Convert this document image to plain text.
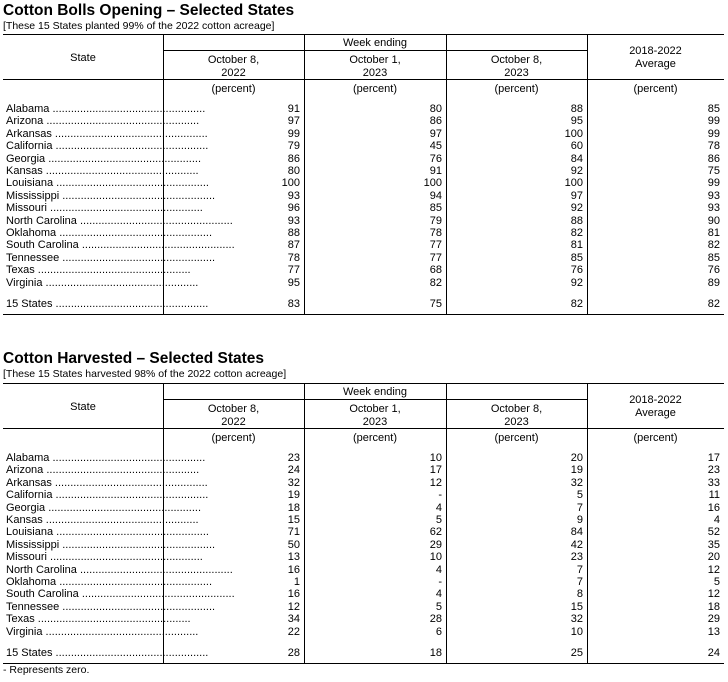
Cotton Bolls Opening – Selected States
[These 15 States planted 99% of the 2022 cotton acreage]
State
Week ending
October 8,
2022
October 1,
2023
October 8,
2023
2018-2022
Average
(percent)	(percent)	(percent)	(percent)
Alabama ..................................................	91	80	88	85
Arizona ..................................................	97	86	95	99
Arkansas ..................................................	99	97	100	99
California ..................................................	79	45	60	78
Georgia ..................................................	86	76	84	86
Kansas ..................................................	80	91	92	75
Louisiana ..................................................	100	100	100	99
Mississippi ..................................................	93	94	97	93
Missouri ..................................................	96	85	92	93
North Carolina ..................................................	93	79	88	90
Oklahoma ..................................................	88	78	82	81
South Carolina ..................................................	87	77	81	82
Tennessee ..................................................	78	77	85	85
Texas ..................................................	77	68	76	76
Virginia ..................................................	95	82	92	89
15 States ..................................................	83	75	82	82
Cotton Harvested – Selected States
[These 15 States harvested 98% of the 2022 cotton acreage]
State
Week ending
October 8,
2022
October 1,
2023
October 8,
2023
2018-2022
Average
(percent)	(percent)	(percent)	(percent)
Alabama ..................................................	23	10	20	17
Arizona ..................................................	24	17	19	23
Arkansas ..................................................	32	12	32	33
California ..................................................	19	-	5	11
Georgia ..................................................	18	4	7	16
Kansas ..................................................	15	5	9	4
Louisiana ..................................................	71	62	84	52
Mississippi ..................................................	50	29	42	35
Missouri ..................................................	13	10	23	20
North Carolina ..................................................	16	4	7	12
Oklahoma ..................................................	1	-	7	5
South Carolina ..................................................	16	4	8	12
Tennessee ..................................................	12	5	15	18
Texas ..................................................	34	28	32	29
Virginia ..................................................	22	6	10	13
15 States ..................................................	28	18	25	24
- Represents zero.
